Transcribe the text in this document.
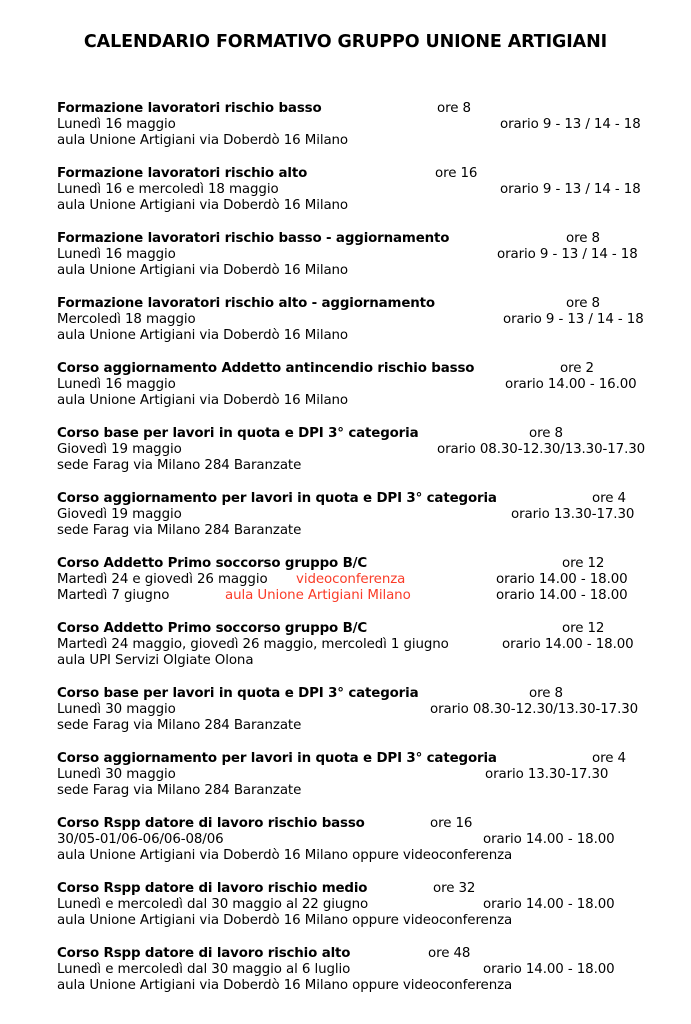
CALENDARIO FORMATIVO GRUPPO UNIONE ARTIGIANI
Formazione lavoratori rischio basso	ore 8
Lunedì 16 maggio	orario 9 - 13 / 14 - 18
aula Unione Artigiani via Doberdò 16 Milano
Formazione lavoratori rischio alto	ore 16
Lunedì 16 e mercoledì 18 maggio	orario 9 - 13 / 14 - 18
aula Unione Artigiani via Doberdò 16 Milano
Formazione lavoratori rischio basso - aggiornamento	ore 8
Lunedì 16 maggio	orario 9 - 13 / 14 - 18
aula Unione Artigiani via Doberdò 16 Milano
Formazione lavoratori rischio alto - aggiornamento	ore 8
Mercoledì 18 maggio	orario 9 - 13 / 14 - 18
aula Unione Artigiani via Doberdò 16 Milano
Corso aggiornamento Addetto antincendio rischio basso	ore 2
Lunedì 16 maggio	orario 14.00 - 16.00
aula Unione Artigiani via Doberdò 16 Milano
Corso base per lavori in quota e DPI 3° categoria	ore 8
Giovedì 19 maggio	orario 08.30-12.30/13.30-17.30
sede Farag via Milano 284 Baranzate
Corso aggiornamento per lavori in quota e DPI 3° categoria	ore 4
Giovedì 19 maggio	orario 13.30-17.30
sede Farag via Milano 284 Baranzate
Corso Addetto Primo soccorso gruppo B/C	ore 12
Martedì 24 e giovedì 26 maggio videoconferenza	orario 14.00 - 18.00
Martedì 7 giugno	aula Unione Artigiani Milano	orario 14.00 - 18.00
Corso Addetto Primo soccorso gruppo B/C	ore 12
Martedì 24 maggio, giovedì 26 maggio, mercoledì 1 giugno	orario 14.00 - 18.00
aula UPI Servizi Olgiate Olona
Corso base per lavori in quota e DPI 3° categoria	ore 8
Lunedì 30 maggio	orario 08.30-12.30/13.30-17.30
sede Farag via Milano 284 Baranzate
Corso aggiornamento per lavori in quota e DPI 3° categoria	ore 4
Lunedì 30 maggio	orario 13.30-17.30
sede Farag via Milano 284 Baranzate
Corso Rspp datore di lavoro rischio basso	ore 16
30/05-01/06-06/06-08/06	orario 14.00 - 18.00
aula Unione Artigiani via Doberdò 16 Milano oppure videoconferenza
Corso Rspp datore di lavoro rischio medio	ore 32
Lunedì e mercoledì dal 30 maggio al 22 giugno	orario 14.00 - 18.00
aula Unione Artigiani via Doberdò 16 Milano oppure videoconferenza
Corso Rspp datore di lavoro rischio alto	ore 48
Lunedì e mercoledì dal 30 maggio al 6 luglio	orario 14.00 - 18.00
aula Unione Artigiani via Doberdò 16 Milano oppure videoconferenza
